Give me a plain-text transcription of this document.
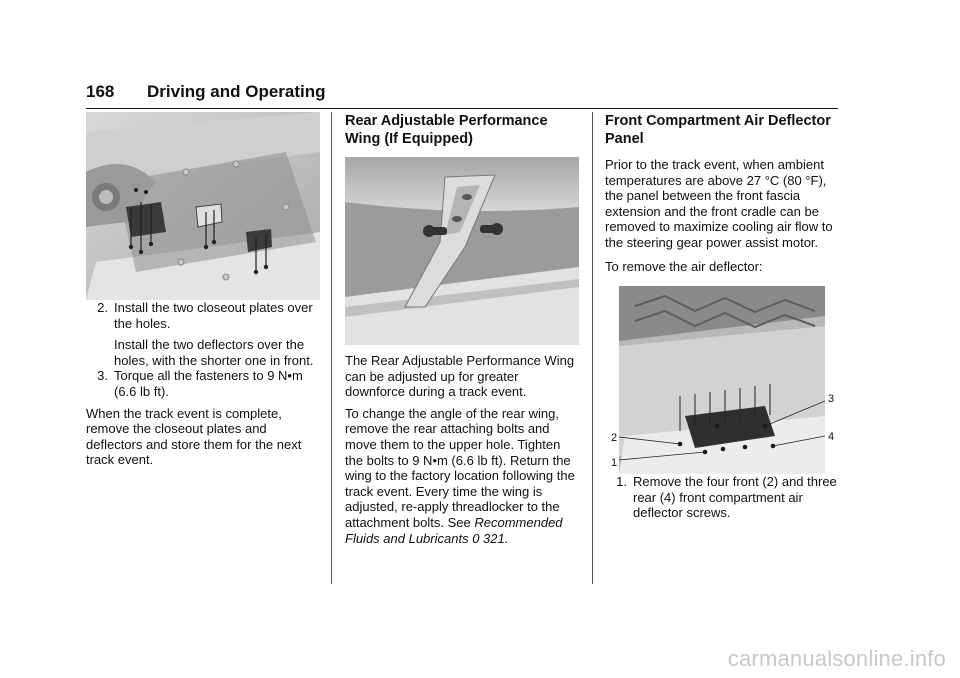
168 Driving and Operating
2. Install the two closeout plates over the holes.

Install the two deflectors over the holes, with the shorter one in front.

3. Torque all the fasteners to 9 N•m (6.6 lb ft).

When the track event is complete, remove the closeout plates and deflectors and store them for the next track event.

Rear Adjustable Performance Wing (If Equipped)

The Rear Adjustable Performance Wing can be adjusted up for greater downforce during a track event.

To change the angle of the rear wing, remove the rear attaching bolts and move them to the upper hole. Tighten the bolts to 9 N•m (6.6 lb ft). Return the wing to the factory location following the track event. Every time the wing is adjusted, re-apply threadlocker to the attachment bolts. See Recommended Fluids and Lubricants 0 321.

Front Compartment Air Deflector Panel

Prior to the track event, when ambient temperatures are above 27 °C (80 °F), the panel between the front fascia extension and the front cradle can be removed to maximize cooling air flow to the steering gear power assist motor.

To remove the air deflector:

2
1
3
4
1. Remove the four front (2) and three rear (4) front compartment air deflector screws.
carmanualsonline.info
